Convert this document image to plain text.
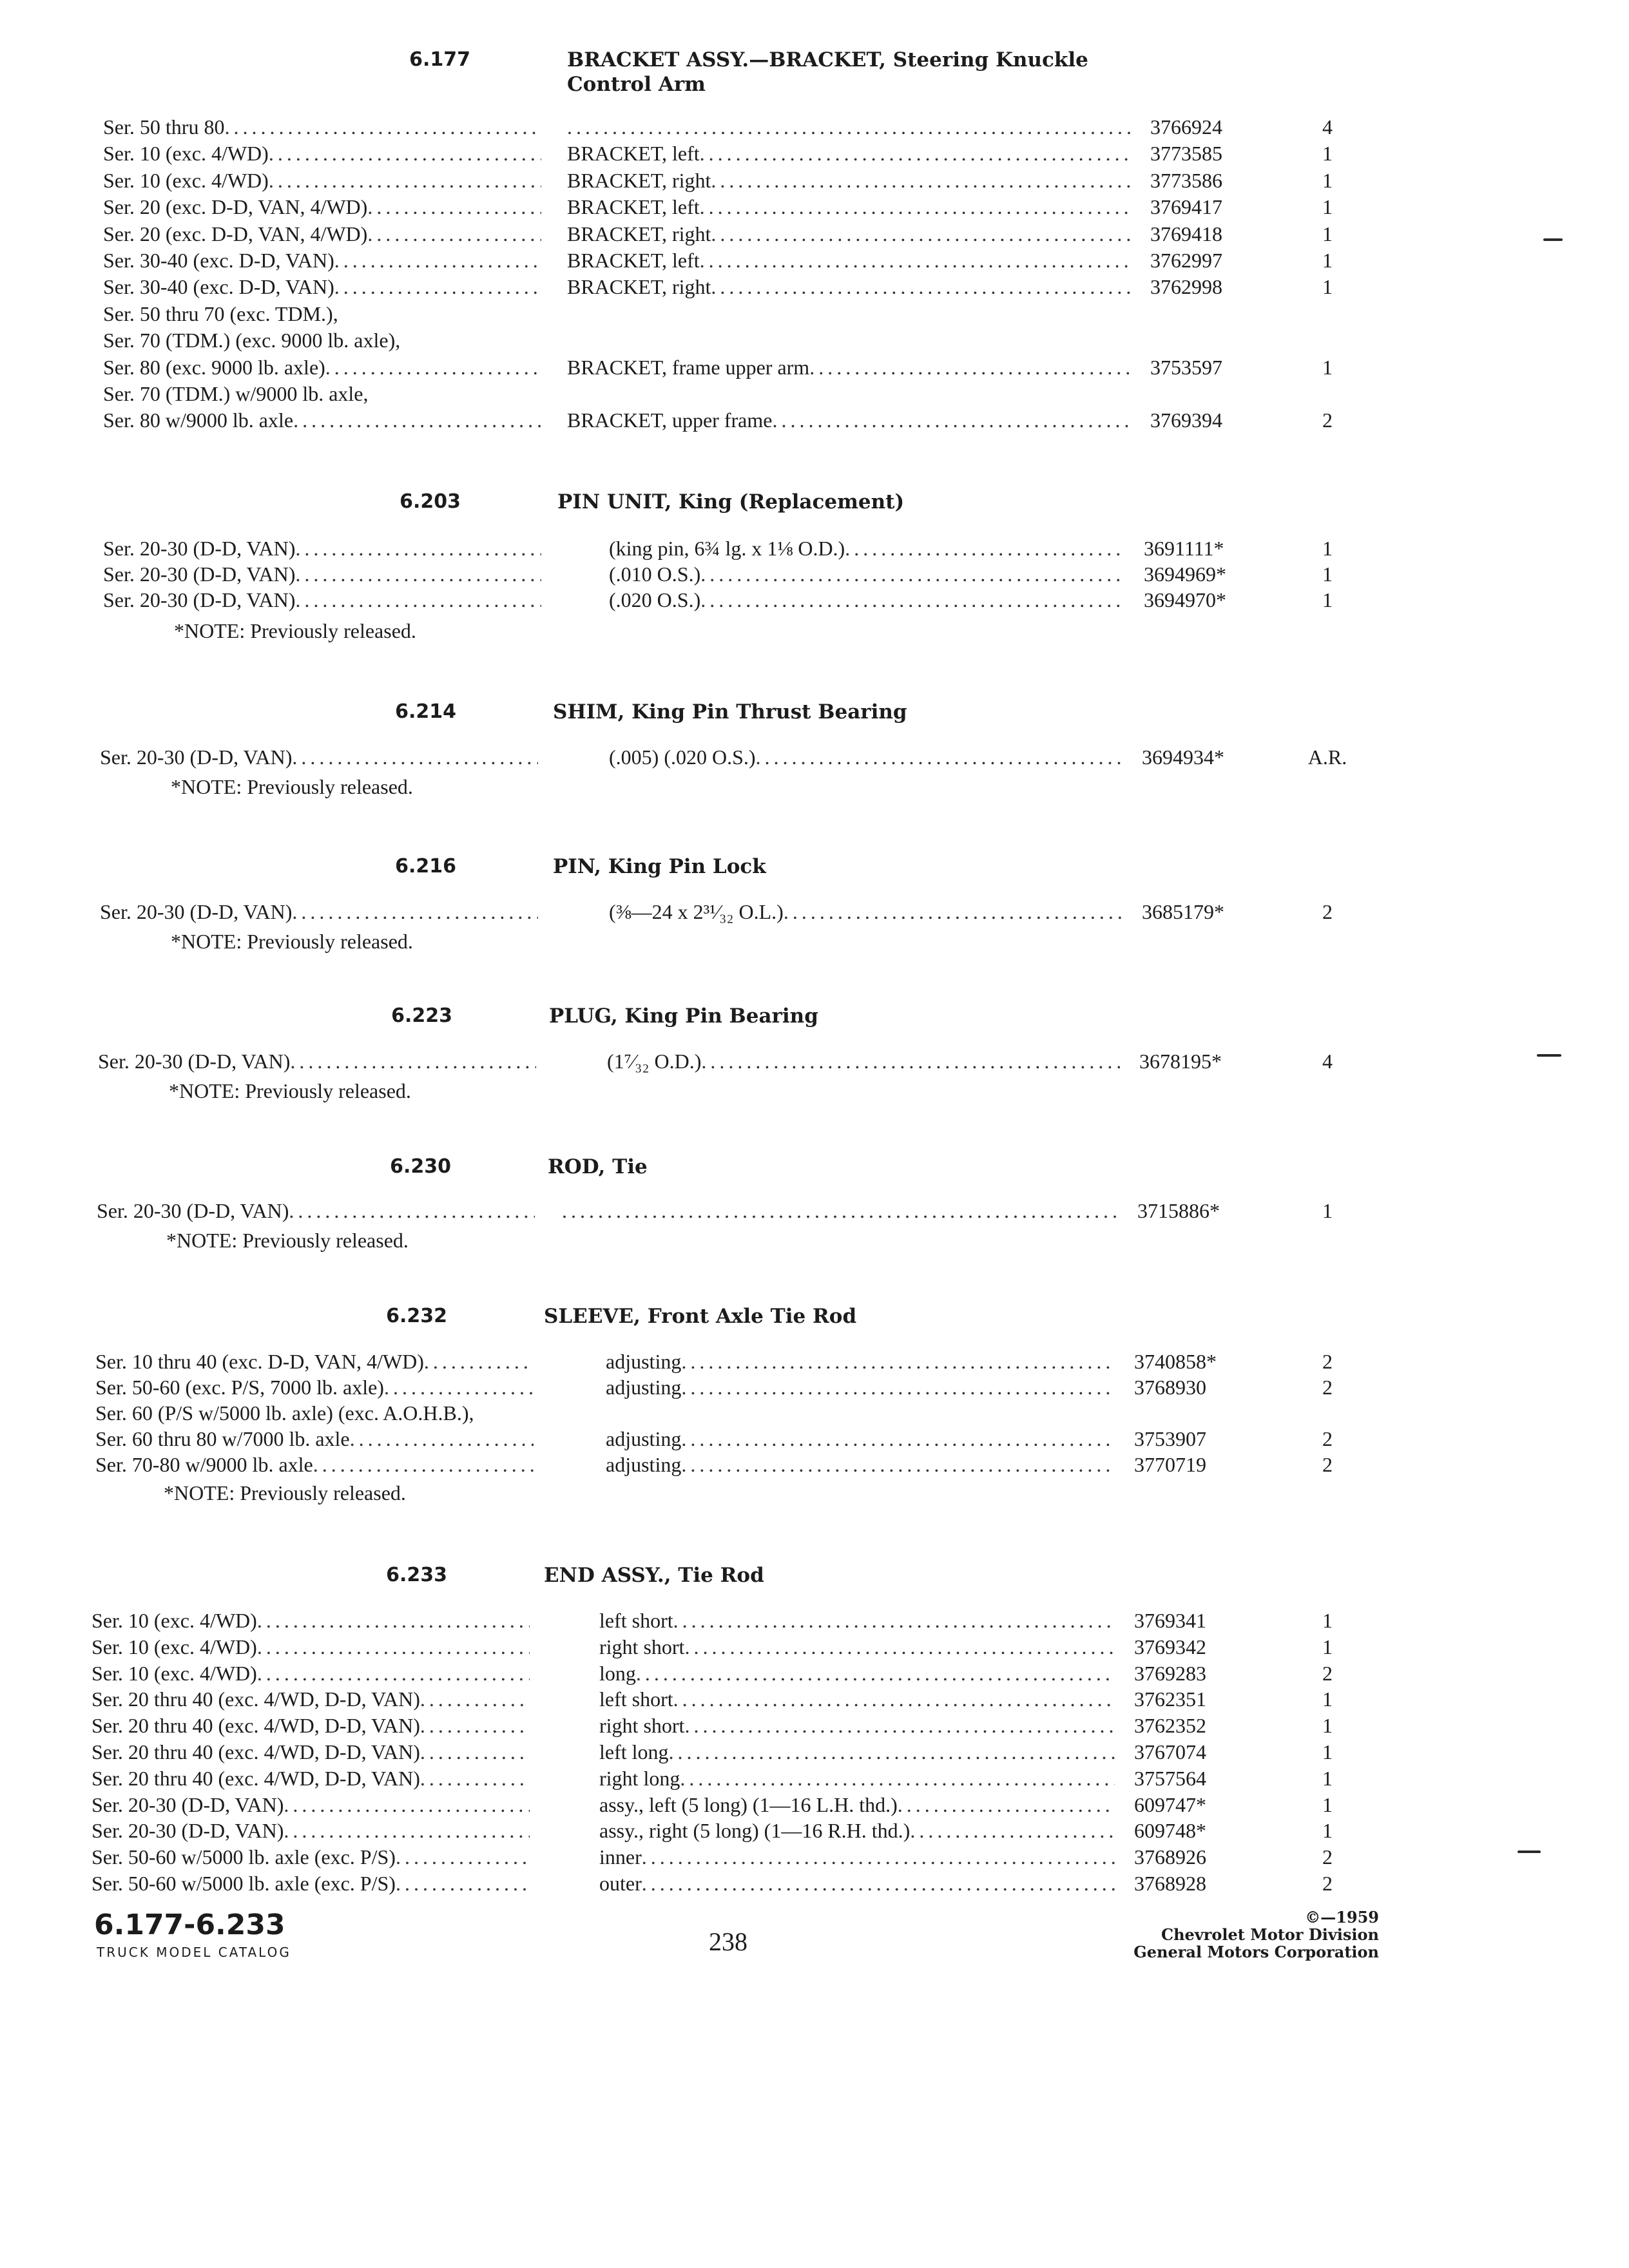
6.177	BRACKET ASSY.—BRACKET, Steering Knuckle Control Arm
Ser. 50 thru 80 ..... .....	3766924	4
Ser. 10 (exc. 4/WD) .....	BRACKET, left .....	3773585	1
Ser. 10 (exc. 4/WD) .....	BRACKET, right .....	3773586	1
Ser. 20 (exc. D-D, VAN, 4/WD) .....	BRACKET, left .....	3769417	1
Ser. 20 (exc. D-D, VAN, 4/WD) .....	BRACKET, right .....	3769418	1
Ser. 30-40 (exc. D-D, VAN) .....	BRACKET, left .....	3762997	1
Ser. 30-40 (exc. D-D, VAN) .....	BRACKET, right .....	3762998	1
Ser. 50 thru 70 (exc. TDM.),
Ser. 70 (TDM.) (exc. 9000 lb. axle),
Ser. 80 (exc. 9000 lb. axle) .....	BRACKET, frame upper arm .....	3753597	1
Ser. 70 (TDM.) w/9000 lb. axle,
Ser. 80 w/9000 lb. axle .....	BRACKET, upper frame .....	3769394	2
6.203	PIN UNIT, King (Replacement)
Ser. 20-30 (D-D, VAN) .....	(king pin, 6¾ lg. x 1⅛ O.D.) .....	3691111*	1
Ser. 20-30 (D-D, VAN) .....	(.010 O.S.) .....	3694969*	1
Ser. 20-30 (D-D, VAN) .....	(.020 O.S.) .....	3694970*	1
*NOTE: Previously released.
6.214	SHIM, King Pin Thrust Bearing
Ser. 20-30 (D-D, VAN) .....	(.005) (.020 O.S.) .....	3694934*	A.R.
*NOTE: Previously released.
6.216	PIN, King Pin Lock
Ser. 20-30 (D-D, VAN) .....	(⅜—24 x 2³¹⁄₃₂ O.L.) .....	3685179*	2
*NOTE: Previously released.
6.223	PLUG, King Pin Bearing
Ser. 20-30 (D-D, VAN) .....	(1⁷⁄₃₂ O.D.) .....	3678195*	4
*NOTE: Previously released.
6.230	ROD, Tie
Ser. 20-30 (D-D, VAN) ..... .....	3715886*	1
*NOTE: Previously released.
6.232	SLEEVE, Front Axle Tie Rod
Ser. 10 thru 40 (exc. D-D, VAN, 4/WD) .....	adjusting .....	3740858*	2
Ser. 50-60 (exc. P/S, 7000 lb. axle) .....	adjusting .....	3768930	2
Ser. 60 (P/S w/5000 lb. axle) (exc. A.O.H.B.),
Ser. 60 thru 80 w/7000 lb. axle .....	adjusting .....	3753907	2
Ser. 70-80 w/9000 lb. axle .....	adjusting .....	3770719	2
*NOTE: Previously released.
6.233	END ASSY., Tie Rod
Ser. 10 (exc. 4/WD) .....	left short .....	3769341	1
Ser. 10 (exc. 4/WD) .....	right short .....	3769342	1
Ser. 10 (exc. 4/WD) .....	long .....	3769283	2
Ser. 20 thru 40 (exc. 4/WD, D-D, VAN) .....	left short .....	3762351	1
Ser. 20 thru 40 (exc. 4/WD, D-D, VAN) .....	right short .....	3762352	1
Ser. 20 thru 40 (exc. 4/WD, D-D, VAN) .....	left long .....	3767074	1
Ser. 20 thru 40 (exc. 4/WD, D-D, VAN) .....	right long .....	3757564	1
Ser. 20-30 (D-D, VAN) .....	assy., left (5 long) (1—16 L.H. thd.) .....	609747*	1
Ser. 20-30 (D-D, VAN) .....	assy., right (5 long) (1—16 R.H. thd.) .....	609748*	1
Ser. 50-60 w/5000 lb. axle (exc. P/S) .....	inner .....	3768926	2
Ser. 50-60 w/5000 lb. axle (exc. P/S) .....	outer .....	3768928	2
6.177-6.233
TRUCK MODEL CATALOG	238
©—1959
Chevrolet Motor Division
General Motors Corporation
